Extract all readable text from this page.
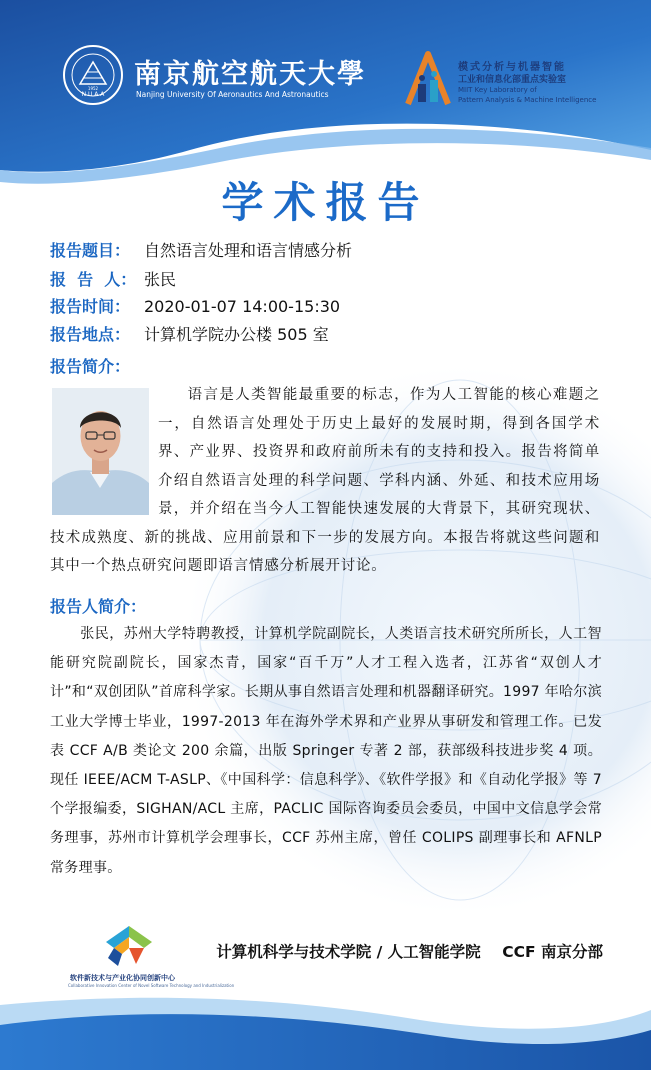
N U A A
1952 南京航空航天大學
Nanjing University Of Aeronautics And Astronautics
模式分析与机器智能
工业和信息化部重点实验室
MIIT Key Laboratory of
Pattern Analysis & Machine Intelligence
学术报告
报告题目： 自然语言处理和语言情感分析
报  告  人： 张民
报告时间： 2020-01-07 14:00-15:30
报告地点： 计算机学院办公楼 505 室
报告简介：
语言是人类智能最重要的标志，作为人工智能的核心难题之一，自然语言处理处于历史上最好的发展时期，得到各国学术界、产业界、投资界和政府前所未有的支持和投入。报告将简单介绍自然语言处理的科学问题、学科内涵、外延、和技术应用场景，并介绍在当今人工智能快速发展的大背景下，其研究现状、技术成熟度、新的挑战、应用前景和下一步的发展方向。本报告将就这些问题和其中一个热点研究问题即语言情感分析展开讨论。
报告人简介：
张民，苏州大学特聘教授，计算机学院副院长，人类语言技术研究所所长，人工智能研究院副院长，国家杰青，国家“百千万”人才工程入选者，江苏省“双创人才计”和“双创团队”首席科学家。长期从事自然语言处理和机器翻译研究。1997 年哈尔滨工业大学博士毕业，1997-2013 年在海外学术界和产业界从事研发和管理工作。已发表 CCF A/B 类论文 200 余篇，出版 Springer 专著 2 部，获部级科技进步奖 4 项。现任 IEEE/ACM T-ASLP、《中国科学：信息科学》、《软件学报》和《自动化学报》等 7 个学报编委，SIGHAN/ACL 主席，PACLIC 国际咨询委员会委员，中国中文信息学会常务理事，苏州市计算机学会理事长，CCF 苏州主席，曾任 COLIPS 副理事长和 AFNLP 常务理事。
软件新技术与产业化协同创新中心
Collaborative Innovation Center of Novel Software Technology and Industrialization
计算机科学与技术学院 / 人工智能学院    CCF 南京分部
